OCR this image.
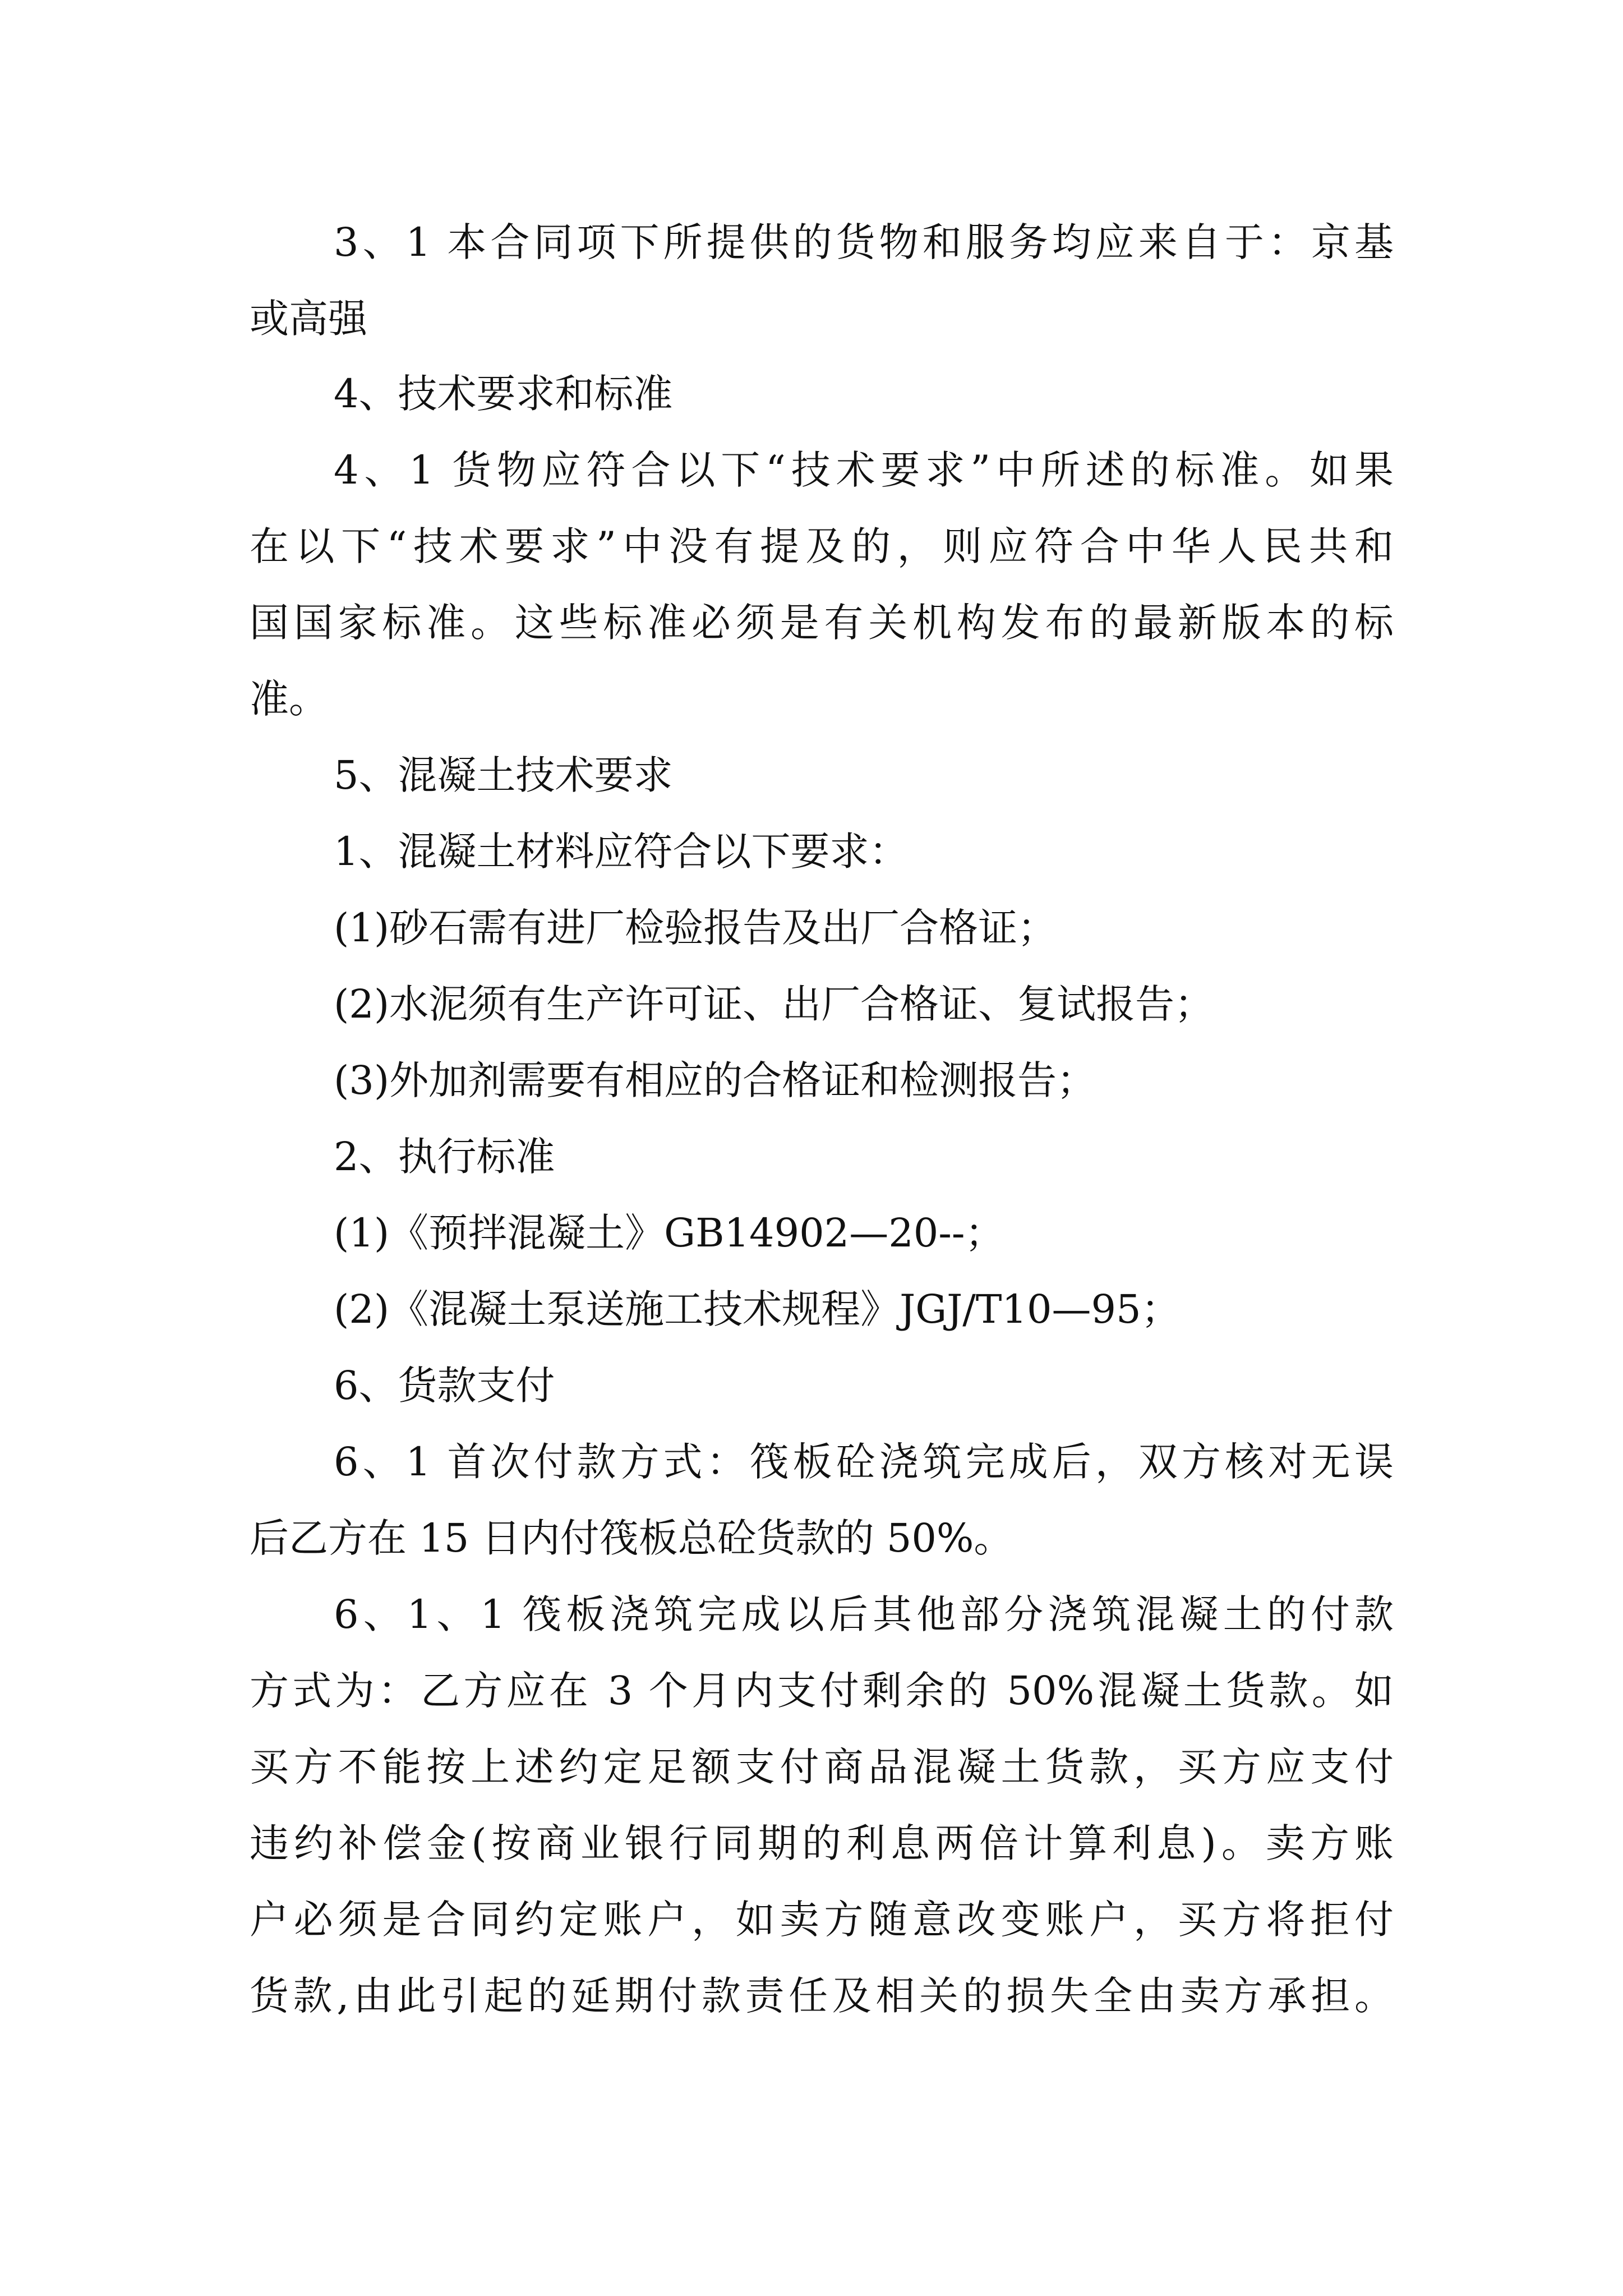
3、1 本合同项下所提供的货物和服务均应来自于：京基
或高强
4、技术要求和标准
4、1 货物应符合以下“技术要求”中所述的标准。如果
在以下“技术要求”中没有提及的，则应符合中华人民共和
国国家标准。这些标准必须是有关机构发布的最新版本的标
准。
5、混凝土技术要求
1、混凝土材料应符合以下要求：
(1)砂石需有进厂检验报告及出厂合格证；
(2)水泥须有生产许可证、出厂合格证、复试报告；
(3)外加剂需要有相应的合格证和检测报告；
2、执行标准
(1)《预拌混凝土》GB14902—20--；
(2)《混凝土泵送施工技术规程》JGJ/T10—95；
6、货款支付
6、1 首次付款方式：筏板砼浇筑完成后，双方核对无误
后乙方在 15 日内付筏板总砼货款的 50%。
6、1、1 筏板浇筑完成以后其他部分浇筑混凝土的付款
方式为：乙方应在 3 个月内支付剩余的 50%混凝土货款。如
买方不能按上述约定足额支付商品混凝土货款，买方应支付
违约补偿金(按商业银行同期的利息两倍计算利息)。卖方账
户必须是合同约定账户，如卖方随意改变账户，买方将拒付
货款,由此引起的延期付款责任及相关的损失全由卖方承担。
